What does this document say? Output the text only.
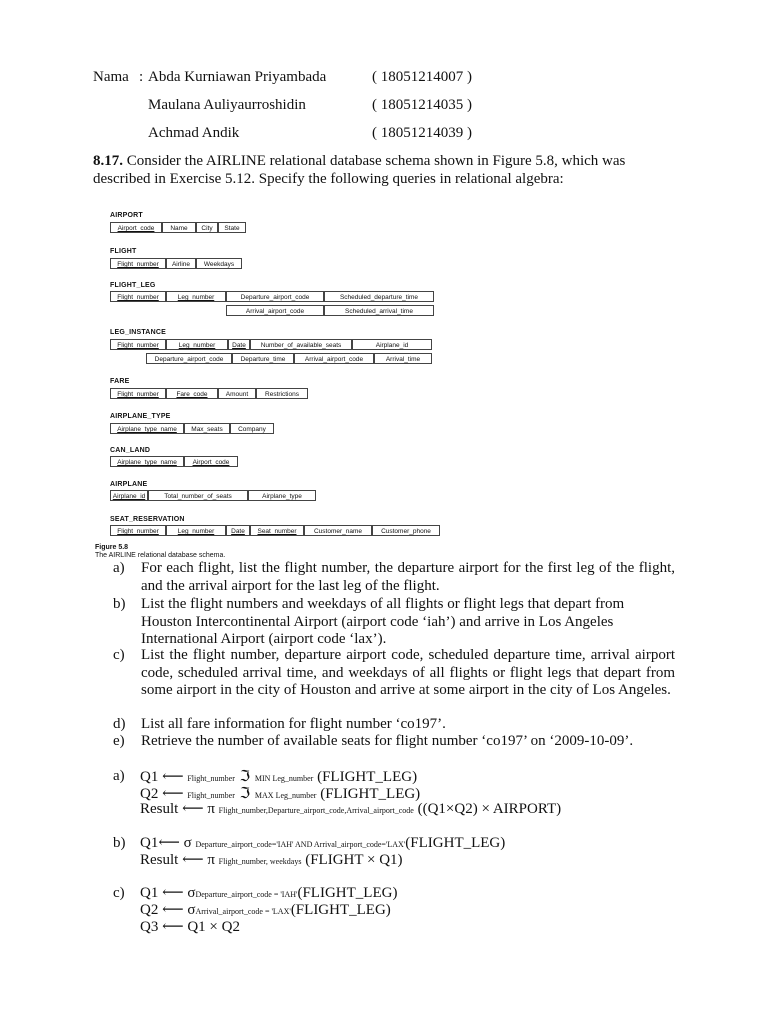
Nama : Abda Kurniawan Priyambada	( 18051214007 )
Maulana Auliyaurroshidin	( 18051214035 )
Achmad Andik	( 18051214039 )
8.17. Consider the AIRLINE relational database schema shown in Figure 5.8, which was described in Exercise 5.12. Specify the following queries in relational algebra:
AIRPORT
Airport_code	Name	City	State
FLIGHT
Flight_number	Airline	Weekdays
FLIGHT_LEG
Flight_number	Leg_number	Departure_airport_code	Scheduled_departure_time
Arrival_airport_code	Scheduled_arrival_time
LEG_INSTANCE
Flight_number	Leg_number	Date	Number_of_available_seats	Airplane_id
Departure_airport_code	Departure_time	Arrival_airport_code	Arrival_time
FARE
Flight_number	Fare_code	Amount	Restrictions
AIRPLANE_TYPE
Airplane_type_name	Max_seats	Company
CAN_LAND
Airplane_type_name	Airport_code
AIRPLANE
Airplane_id	Total_number_of_seats	Airplane_type
SEAT_RESERVATION
Flight_number	Leg_number	Date	Seat_number	Customer_name	Customer_phone
Figure 5.8
The AIRLINE relational database schema.
a) For each flight, list the flight number, the departure airport for the first leg of the flight, and the arrival airport for the last leg of the flight.
b) List the flight numbers and weekdays of all flights or flight legs that depart from Houston Intercontinental Airport (airport code ‘iah’) and arrive in Los Angeles International Airport (airport code ‘lax’).
c) List the flight number, departure airport code, scheduled departure time, arrival airport code, scheduled arrival time, and weekdays of all flights or flight legs that depart from some airport in the city of Houston and arrive at some airport in the city of Los Angeles.
d) List all fare information for flight number ‘co197’.
e) Retrieve the number of available seats for flight number ‘co197’ on ‘2009-10-09’.
a) Q1 ⟵ Flight_number ℑ MIN Leg_number (FLIGHT_LEG)
Q2 ⟵ Flight_number ℑ MAX Leg_number (FLIGHT_LEG)
Result ⟵ π Flight_number,Departure_airport_code,Arrival_airport_code ((Q1×Q2) × AIRPORT)
b) Q1⟵ σ Departure_airport_code='IAH' AND Arrival_airport_code='LAX'(FLIGHT_LEG)
Result ⟵ π Flight_number, weekdays (FLIGHT × Q1)
c) Q1 ⟵ σDeparture_airport_code = 'IAH'(FLIGHT_LEG)
Q2 ⟵ σArrival_airport_code = 'LAX'(FLIGHT_LEG)
Q3 ⟵ Q1 × Q2
